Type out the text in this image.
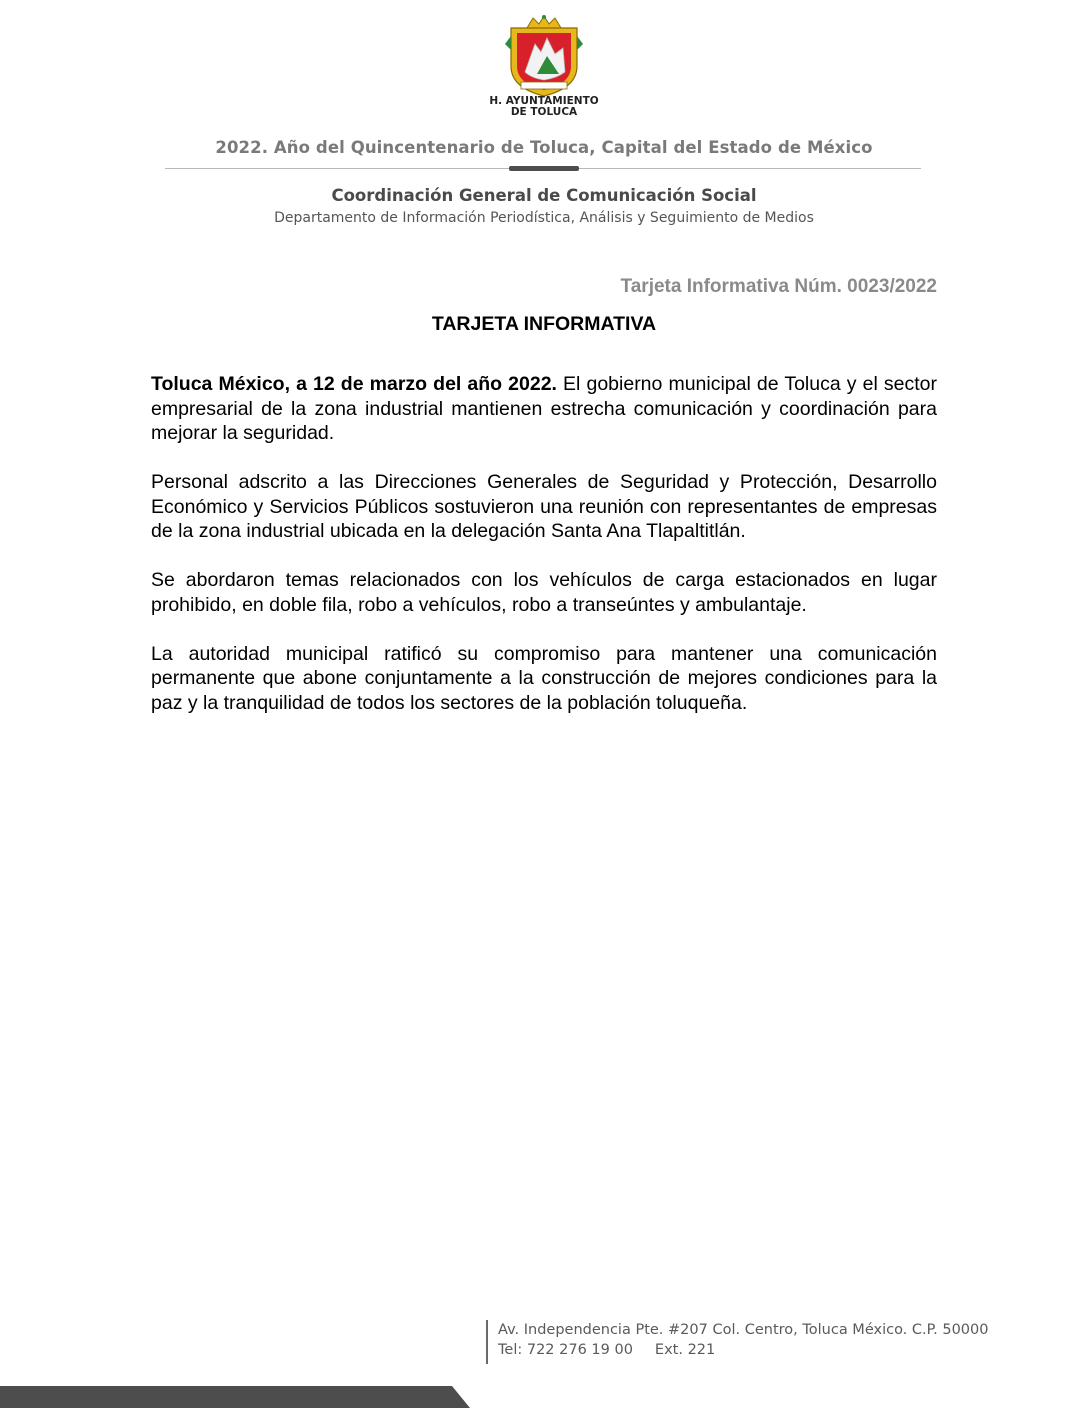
H. AYUNTAMIENTO
DE TOLUCA
2022. Año del Quincentenario de Toluca, Capital del Estado de México
Coordinación General de Comunicación Social
Departamento de Información Periodística, Análisis y Seguimiento de Medios
Tarjeta Informativa Núm. 0023/2022
TARJETA INFORMATIVA

Toluca México, a 12 de marzo del año 2022. El gobierno municipal de Toluca y el sector empresarial de la zona industrial mantienen estrecha comunicación y coordinación para mejorar la seguridad.

Personal adscrito a las Direcciones Generales de Seguridad y Protección, Desarrollo Económico y Servicios Públicos sostuvieron una reunión con representantes de empresas de la zona industrial ubicada en la delegación Santa Ana Tlapaltitlán.

Se abordaron temas relacionados con los vehículos de carga estacionados en lugar prohibido, en doble fila, robo a vehículos, robo a transeúntes y ambulantaje.

La autoridad municipal ratificó su compromiso para mantener una comunicación permanente que abone conjuntamente a la construcción de mejores condiciones para la paz y la tranquilidad de todos los sectores de la población toluqueña.

Av. Independencia Pte. #207 Col. Centro, Toluca México. C.P. 50000
Tel: 722 276 19 00 Ext. 221
